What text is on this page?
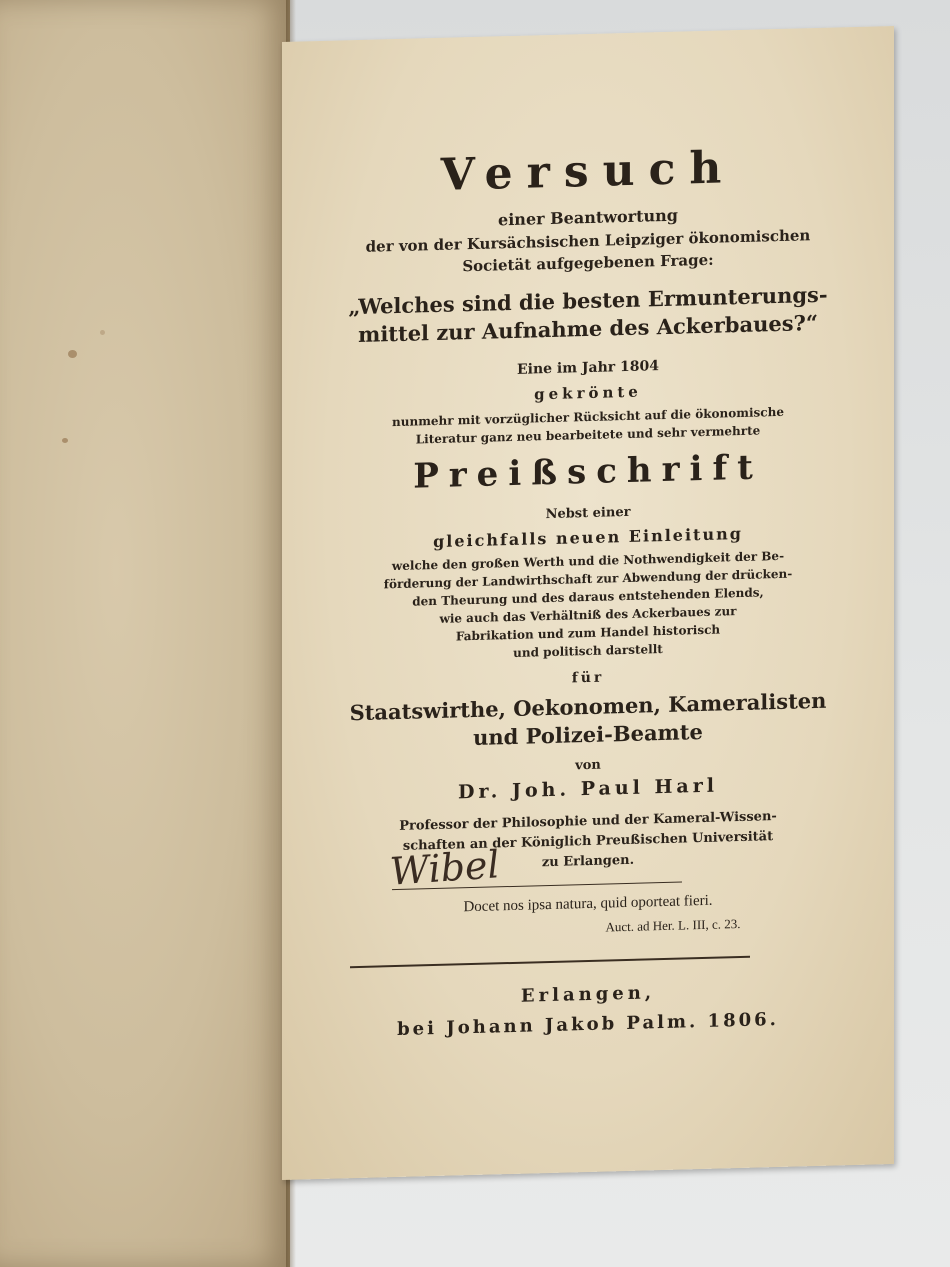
Versuch
einer Beantwortung
der von der Kursächsischen Leipziger ökonomischen
Societät aufgegebenen Frage:
„Welches sind die besten Ermunterungs-
mittel zur Aufnahme des Ackerbaues?“
Eine im Jahr 1804
gekrönte
nunmehr mit vorzüglicher Rücksicht auf die ökonomische
Literatur ganz neu bearbeitete und sehr vermehrte
Preißschrift
Nebst einer
gleichfalls neuen Einleitung
welche den großen Werth und die Nothwendigkeit der Be-
förderung der Landwirthschaft zur Abwendung der drücken-
den Theurung und des daraus entstehenden Elends,
wie auch das Verhältniß des Ackerbaues zur
Fabrikation und zum Handel historisch
und politisch darstellt
für
Staatswirthe, Oekonomen, Kameralisten
und Polizei-Beamte
von
Dr. Joh. Paul Harl
Professor der Philosophie und der Kameral-Wissen-
schaften an der Königlich Preußischen Universität
zu Erlangen.
Docet nos ipsa natura, quid oporteat fieri.
Auct. ad Her. L. III, c. 23.
Erlangen,
bei Johann Jakob Palm. 1806.
Wibel
